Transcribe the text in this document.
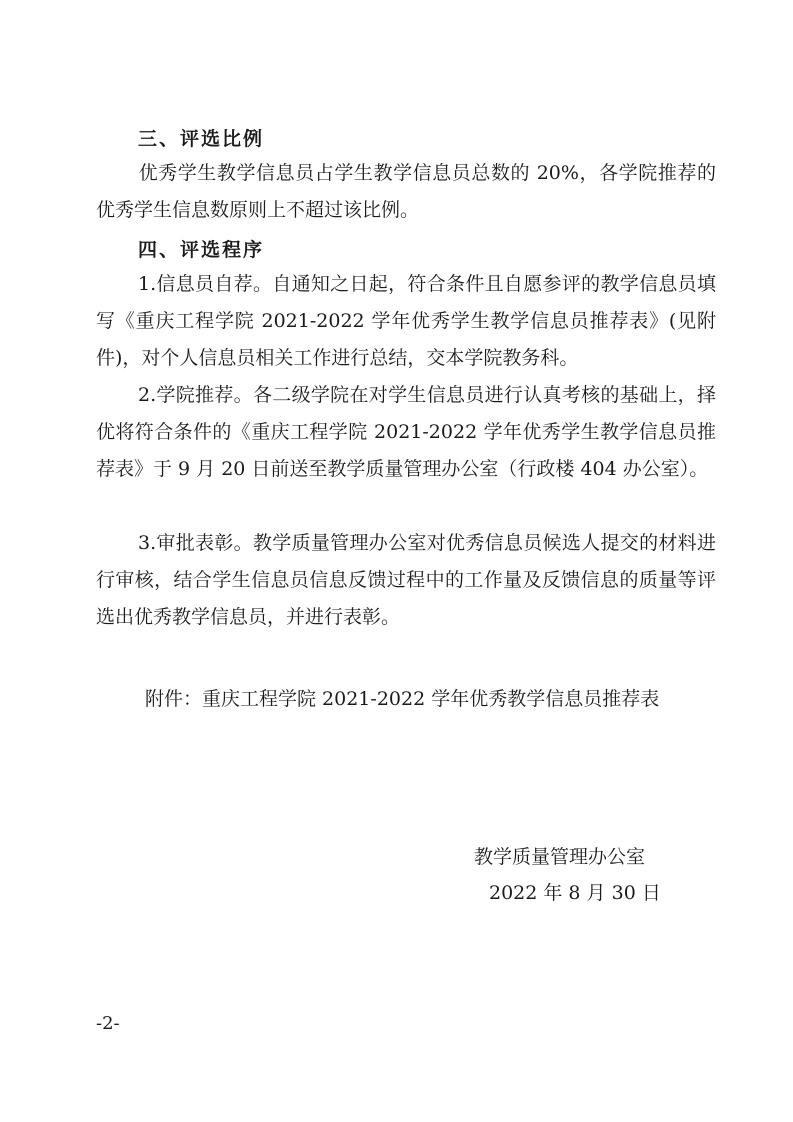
三、评选比例

优秀学生教学信息员占学生教学信息员总数的 20%，各学院推荐的优秀学生信息数原则上不超过该比例。

四、评选程序

1.信息员自荐。自通知之日起，符合条件且自愿参评的教学信息员填写《重庆工程学院 2021-2022 学年优秀学生教学信息员推荐表》(见附件)，对个人信息员相关工作进行总结，交本学院教务科。

2.学院推荐。各二级学院在对学生信息员进行认真考核的基础上，择优将符合条件的《重庆工程学院 2021-2022 学年优秀学生教学信息员推荐表》于 9 月 20 日前送至教学质量管理办公室（行政楼 404 办公室）。

3.审批表彰。教学质量管理办公室对优秀信息员候选人提交的材料进行审核，结合学生信息员信息反馈过程中的工作量及反馈信息的质量等评选出优秀教学信息员，并进行表彰。

附件：重庆工程学院 2021-2022 学年优秀教学信息员推荐表
教学质量管理办公室
2022 年 8 月 30 日
-2-
